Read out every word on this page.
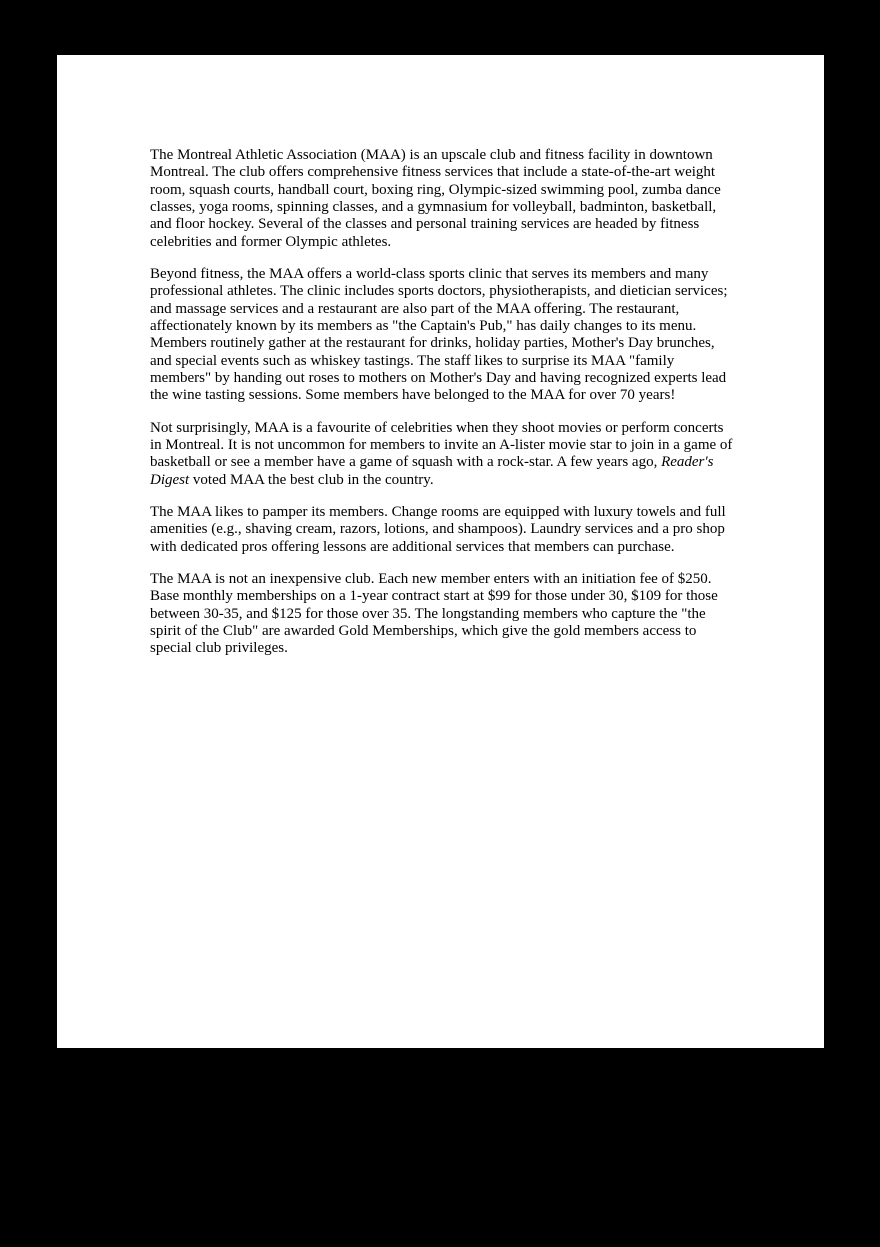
The Montreal Athletic Association (MAA) is an upscale club and fitness facility in downtown
Montreal. The club offers comprehensive fitness services that include a state-of-the-art weight
room, squash courts, handball court, boxing ring, Olympic-sized swimming pool, zumba dance
classes, yoga rooms, spinning classes, and a gymnasium for volleyball, badminton, basketball,
and floor hockey. Several of the classes and personal training services are headed by fitness
celebrities and former Olympic athletes.
Beyond fitness, the MAA offers a world-class sports clinic that serves its members and many
professional athletes. The clinic includes sports doctors, physiotherapists, and dietician services;
and massage services and a restaurant are also part of the MAA offering. The restaurant,
affectionately known by its members as "the Captain's Pub," has daily changes to its menu.
Members routinely gather at the restaurant for drinks, holiday parties, Mother's Day brunches,
and special events such as whiskey tastings. The staff likes to surprise its MAA "family
members" by handing out roses to mothers on Mother's Day and having recognized experts lead
the wine tasting sessions. Some members have belonged to the MAA for over 70 years!
Not surprisingly, MAA is a favourite of celebrities when they shoot movies or perform concerts
in Montreal. It is not uncommon for members to invite an A-lister movie star to join in a game of
basketball or see a member have a game of squash with a rock-star. A few years ago, Reader's
Digest voted MAA the best club in the country.
The MAA likes to pamper its members. Change rooms are equipped with luxury towels and full
amenities (e.g., shaving cream, razors, lotions, and shampoos). Laundry services and a pro shop
with dedicated pros offering lessons are additional services that members can purchase.
The MAA is not an inexpensive club. Each new member enters with an initiation fee of $250.
Base monthly memberships on a 1-year contract start at $99 for those under 30, $109 for those
between 30-35, and $125 for those over 35. The longstanding members who capture the "the
spirit of the Club" are awarded Gold Memberships, which give the gold members access to
special club privileges.
